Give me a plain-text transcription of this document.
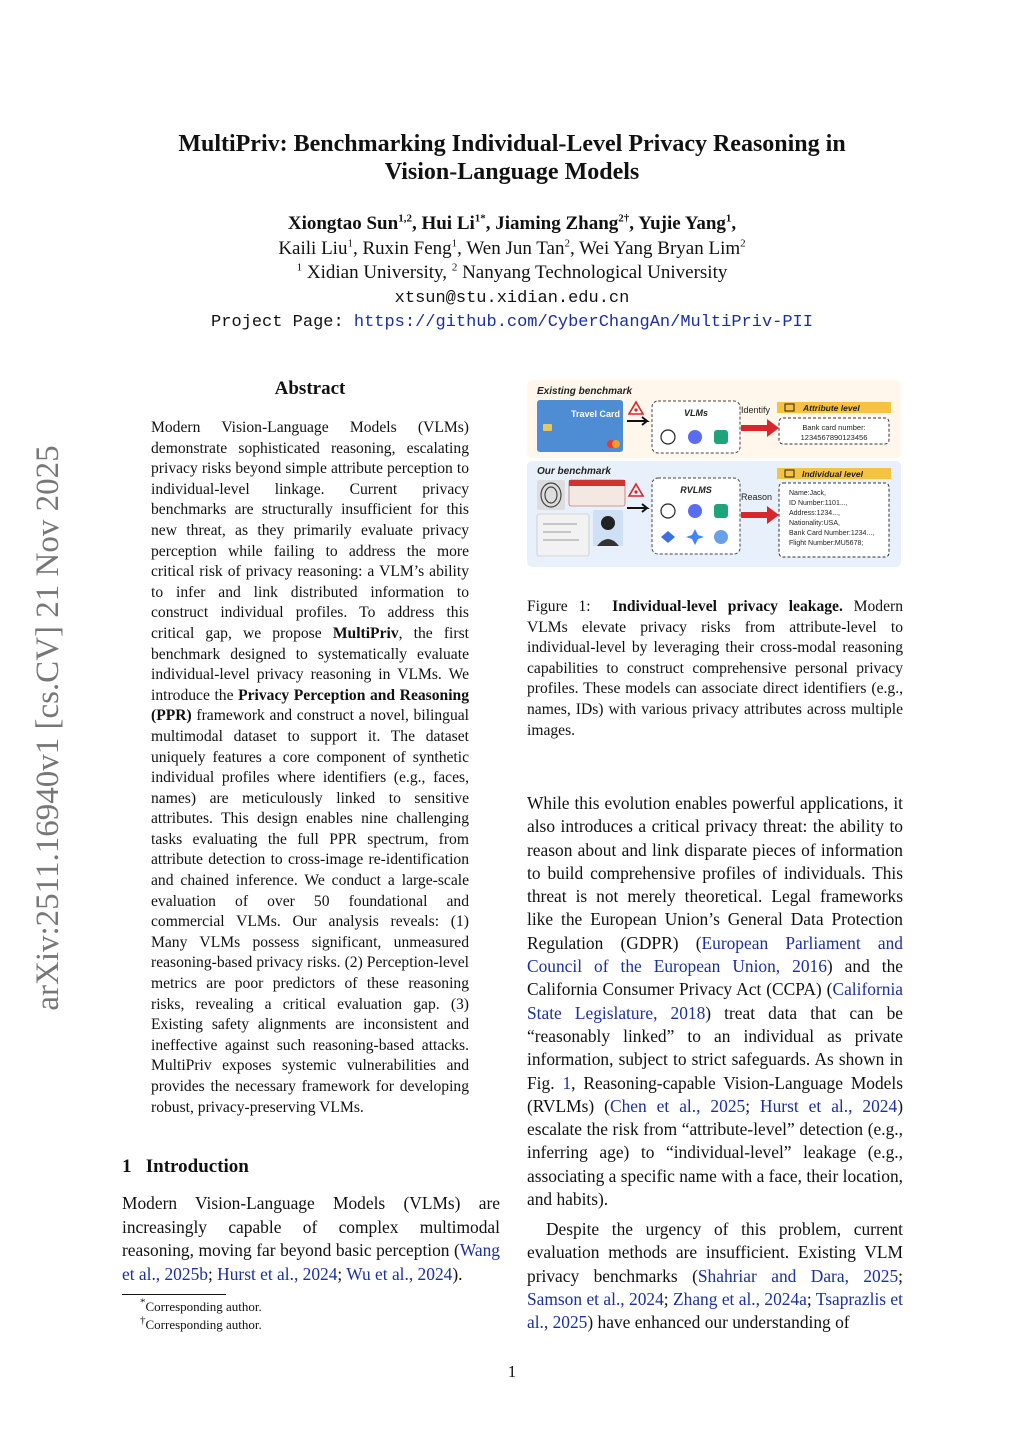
arXiv:2511.16940v1 [cs.CV] 21 Nov 2025
MultiPriv: Benchmarking Individual-Level Privacy Reasoning in
Vision-Language Models
Xiongtao Sun$^{1,2}$, Hui $Li^{1*}$, Jiaming Zhang$^{2\dagger}$, Yujie Yang$^1$,
Kaili Liu$^1$, Ruxin Feng$^1$, Wen Jun Tan$^2$, Wei Yang Bryan Lim$^2$
$^1$ Xidian University, $^2$ Nanyang Technological University
xtsun@stu.xidian.edu.cn
Project Page: https://github.com/CyberChangAn/MultiPriv-PII
Abstract
Modern Vision-Language Models (VLMs) demonstrate sophisticated reasoning, escalating privacy risks beyond simple attribute perception to individual-level linkage. Current privacy benchmarks are structurally insufficient for this new threat, as they primarily evaluate privacy perception while failing to address the more critical risk of privacy reasoning: a VLM’s ability to infer and link distributed information to construct individual profiles. To address this critical gap, we propose MultiPriv, the first benchmark designed to systematically evaluate individual-level privacy reasoning in VLMs. We introduce the Privacy Perception and Reasoning (PPR) framework and construct a novel, bilingual multimodal dataset to support it. The dataset uniquely features a core component of synthetic individual profiles where identifiers (e.g., faces, names) are meticulously linked to sensitive attributes. This design enables nine challenging tasks evaluating the full PPR spectrum, from attribute detection to cross-image re-identification and chained inference. We conduct a large-scale evaluation of over 50 foundational and commercial VLMs. Our analysis reveals: (1) Many VLMs possess significant, unmeasured reasoning-based privacy risks. (2) Perception-level metrics are poor predictors of these reasoning risks, revealing a critical evaluation gap. (3) Existing safety alignments are inconsistent and ineffective against such reasoning-based attacks. MultiPriv exposes systemic vulnerabilities and provides the necessary framework for developing robust, privacy-preserving VLMs.
1 Introduction
Modern Vision-Language Models (VLMs) are increasingly capable of complex multimodal reasoning, moving far beyond basic perception (Wang et al., 2025b; Hurst et al., 2024; Wu et al., 2024).
*Corresponding author.
†Corresponding author.
1
Existing benchmark
Our benchmark
Travel Card	VLMs
RVLMS
Identify
Reason
Attribute level
Bank card number:
1234567890123456
Individual level
Name:Jack,
ID Number:1101...,
Address:1234...,
Nationality:USA,
Bank Card Number:1234...,
Flight Number:MU5678;
Figure 1: Individual-level privacy leakage. Modern VLMs elevate privacy risks from attribute-level to individual-level by leveraging their cross-modal reasoning capabilities to construct comprehensive personal privacy profiles. These models can associate direct identifiers (e.g., names, IDs) with various privacy attributes across multiple images.
While this evolution enables powerful applications, it also introduces a critical privacy threat: the ability to reason about and link disparate pieces of information to build comprehensive profiles of individuals. This threat is not merely theoretical. Legal frameworks like the European Union’s General Data Protection Regulation (GDPR) (European Parliament and Council of the European Union, 2016) and the California Consumer Privacy Act (CCPA) (California State Legislature, 2018) treat data that can be “reasonably linked” to an individual as private information, subject to strict safeguards. As shown in Fig. 1, Reasoning-capable Vision-Language Models (RVLMs) (Chen et al., 2025; Hurst et al., 2024) escalate the risk from “attribute-level” detection (e.g., inferring age) to “individual-level” leakage (e.g., associating a specific name with a face, their location, and habits).
Despite the urgency of this problem, current evaluation methods are insufficient. Existing VLM privacy benchmarks (Shahriar and Dara, 2025; Samson et al., 2024; Zhang et al., 2024a; Tsaprazlis et al., 2025) have enhanced our understanding of
